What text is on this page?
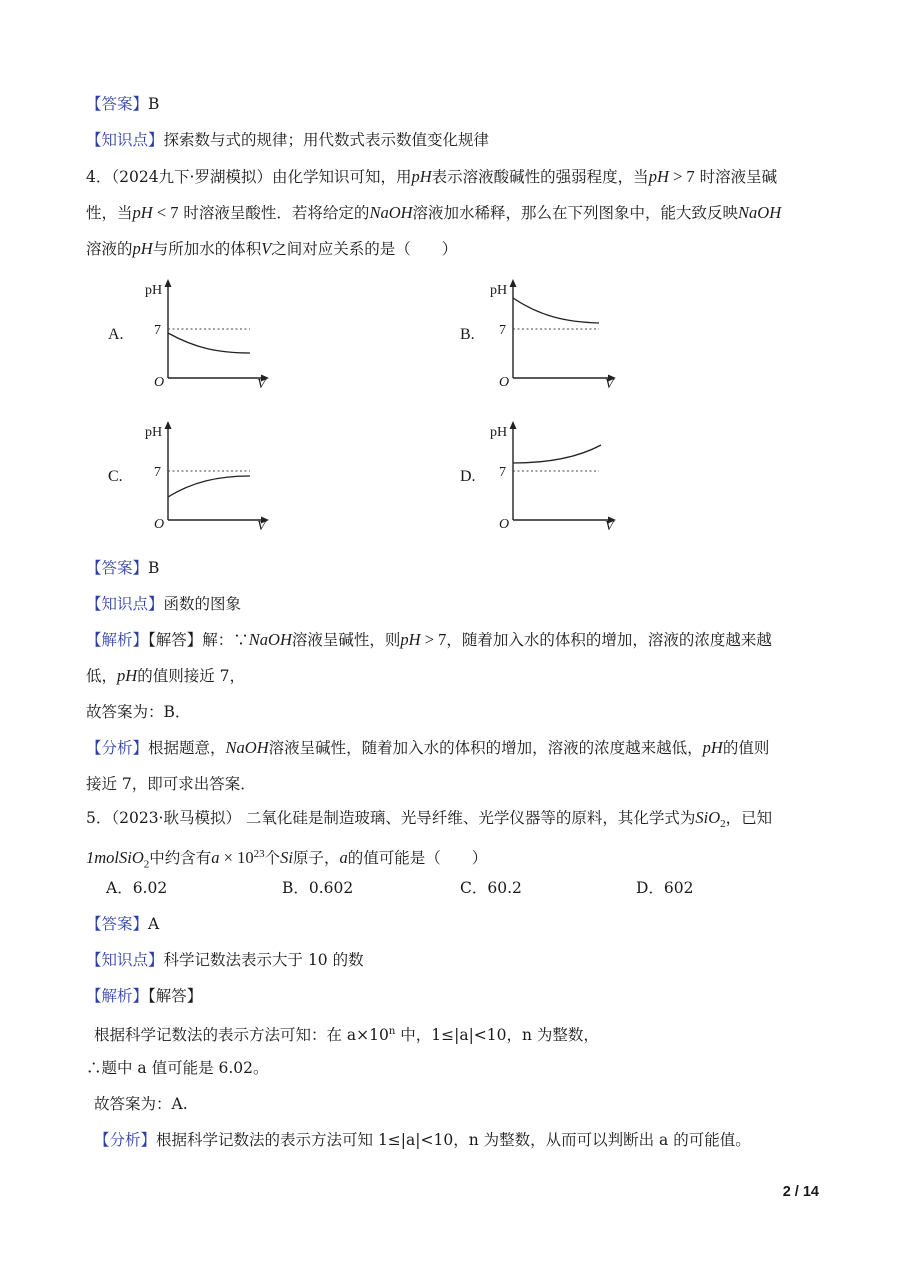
【答案】B
【知识点】探索数与式的规律；用代数式表示数值变化规律
4．（2024九下·罗湖模拟）由化学知识可知，用pH表示溶液酸碱性的强弱程度，当pH > 7 时溶液呈碱
性，当pH < 7 时溶液呈酸性．若将给定的NaOH溶液加水稀释，那么在下列图象中，能大致反映NaOH
溶液的pH与所加水的体积V之间对应关系的是（　　）
A.
pH
7
O	V
B.
pH
7
O	V
C.
pH
7
O	V
D.
pH
7
O	V
【答案】B
【知识点】函数的图象
【解析】【解答】解：∵NaOH溶液呈碱性，则pH > 7，随着加入水的体积的增加，溶液的浓度越来越
低，pH的值则接近 7，
故答案为：B．
【分析】根据题意，NaOH溶液呈碱性，随着加入水的体积的增加，溶液的浓度越来越低，pH的值则
接近 7，即可求出答案．
5．（2023·耿马模拟） 二氧化硅是制造玻璃、光导纤维、光学仪器等的原料，其化学式为SiO$_2$，已知
1molSiO$_2$中约含有$a \times 10^{23}$个Si原子，a的值可能是（　　）
A．6.02	B．0.602	C．60.2	D．602
【答案】A
【知识点】科学记数法表示大于 10 的数
【解析】【解答】
根据科学记数法的表示方法可知：在 $a\times 10^n$ 中，1≤|a|<10，n 为整数，
∴题中 a 值可能是 6.02。
故答案为：A.
【分析】根据科学记数法的表示方法可知 1≤|a|<10，n 为整数，从而可以判断出 a 的可能值。
2 / 14
